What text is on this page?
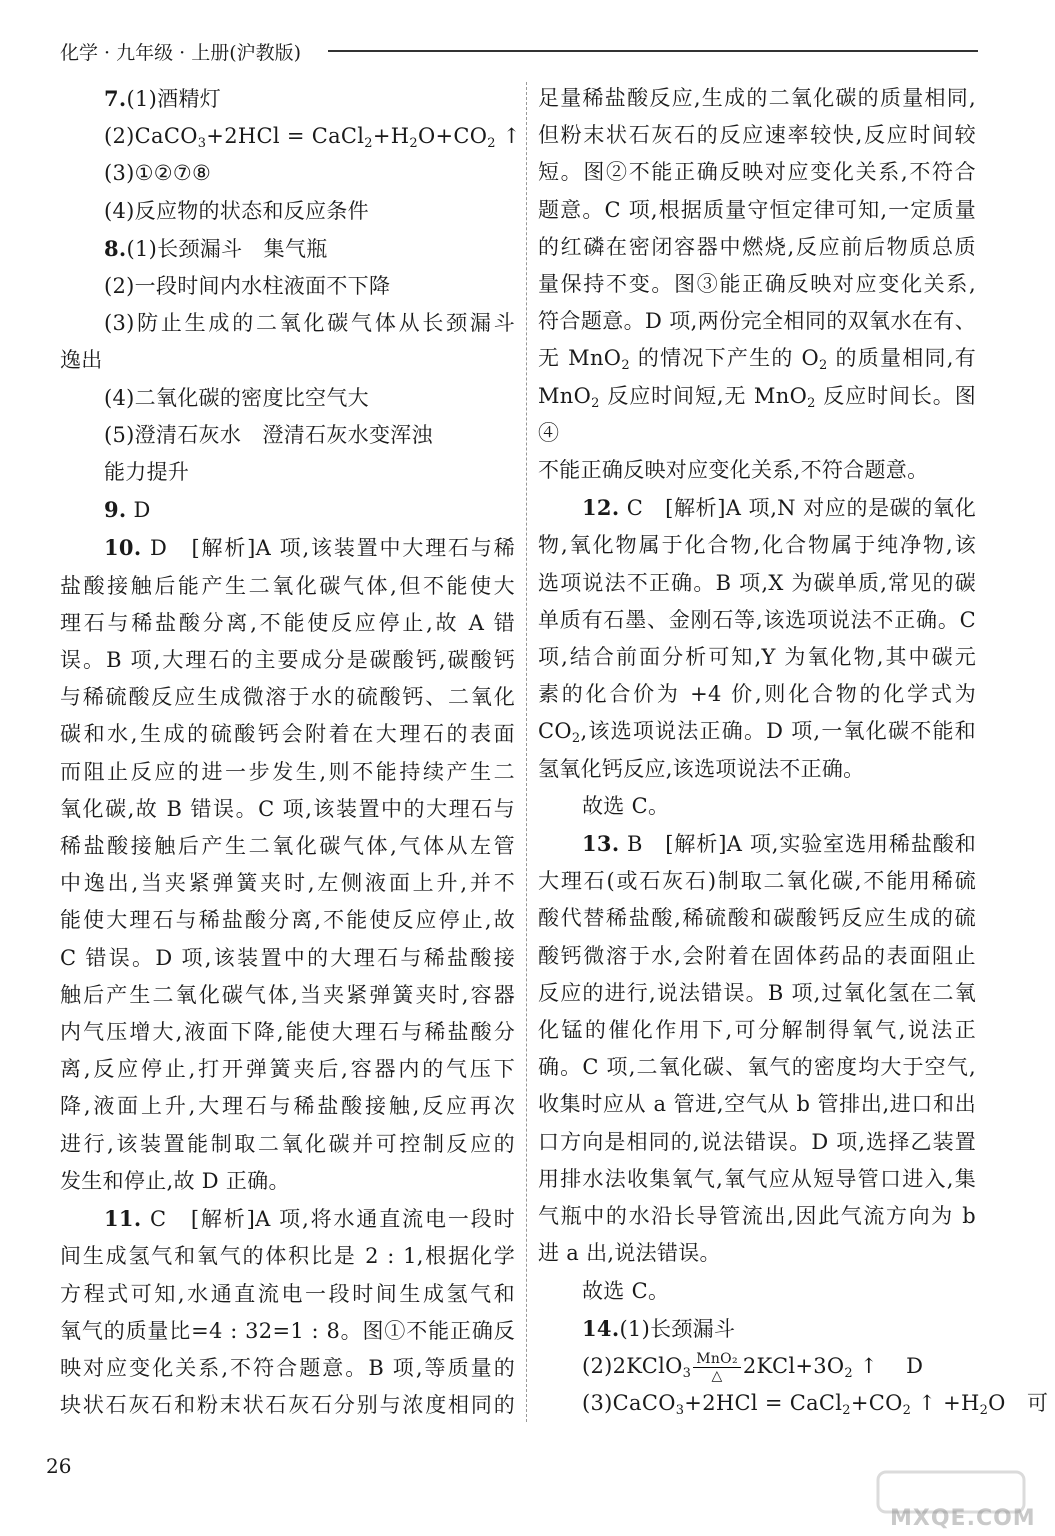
化学 · 九年级 · 上册(沪教版)
7.(1)酒精灯
(2)CaCO$_3$+2HCl = $CaCl_2+H_2O+CO_2$ ↑
(3)①②⑦⑧
(4)反应物的状态和反应条件
8.(1)长颈漏斗　集气瓶
(2)一段时间内水柱液面不下降
(3)防止生成的二氧化碳气体从长颈漏斗
逸出
(4)二氧化碳的密度比空气大
(5)澄清石灰水　澄清石灰水变浑浊
能力提升
9. D
10. D　[解析]A 项,该装置中大理石与稀
盐酸接触后能产生二氧化碳气体,但不能使大
理石与稀盐酸分离,不能使反应停止,故 A 错
误。B 项,大理石的主要成分是碳酸钙,碳酸钙
与稀硫酸反应生成微溶于水的硫酸钙、二氧化
碳和水,生成的硫酸钙会附着在大理石的表面
而阻止反应的进一步发生,则不能持续产生二
氧化碳,故 B 错误。C 项,该装置中的大理石与
稀盐酸接触后产生二氧化碳气体,气体从左管
中逸出,当夹紧弹簧夹时,左侧液面上升,并不
能使大理石与稀盐酸分离,不能使反应停止,故
C 错误。D 项,该装置中的大理石与稀盐酸接
触后产生二氧化碳气体,当夹紧弹簧夹时,容器
内气压增大,液面下降,能使大理石与稀盐酸分
离,反应停止,打开弹簧夹后,容器内的气压下
降,液面上升,大理石与稀盐酸接触,反应再次
进行,该装置能制取二氧化碳并可控制反应的
发生和停止,故 D 正确。
11. C　[解析]A 项,将水通直流电一段时
间生成氢气和氧气的体积比是 2 : 1,根据化学
方程式可知,水通直流电一段时间生成氢气和
氧气的质量比=4 : 32=1 : 8。图①不能正确反
映对应变化关系,不符合题意。B 项,等质量的
块状石灰石和粉末状石灰石分别与浓度相同的
足量稀盐酸反应,生成的二氧化碳的质量相同,
但粉末状石灰石的反应速率较快,反应时间较
短。图②不能正确反映对应变化关系,不符合
题意。C 项,根据质量守恒定律可知,一定质量
的红磷在密闭容器中燃烧,反应前后物质总质
量保持不变。图③能正确反映对应变化关系,
符合题意。D 项,两份完全相同的双氧水在有、
无 MnO$_2$ 的情况下产生的 $O_2$ 的质量相同,有
MnO$_2$ 反应时间短,无 MnO$_2$ 反应时间长。图④
不能正确反映对应变化关系,不符合题意。
12. C　[解析]A 项,N 对应的是碳的氧化
物,氧化物属于化合物,化合物属于纯净物,该
选项说法不正确。B 项,X 为碳单质,常见的碳
单质有石墨、金刚石等,该选项说法不正确。C
项,结合前面分析可知,Y 为氧化物,其中碳元
素的化合价为 +4 价,则化合物的化学式为
$CO_2$,该选项说法正确。D 项,一氧化碳不能和
氢氧化钙反应,该选项说法不正确。
故选 C。
13. B　[解析]A 项,实验室选用稀盐酸和
大理石(或石灰石)制取二氧化碳,不能用稀硫
酸代替稀盐酸,稀硫酸和碳酸钙反应生成的硫
酸钙微溶于水,会附着在固体药品的表面阻止
反应的进行,说法错误。B 项,过氧化氢在二氧
化锰的催化作用下,可分解制得氧气,说法正
确。C 项,二氧化碳、氧气的密度均大于空气,
收集时应从 a 管进,空气从 b 管排出,进口和出
口方向是相同的,说法错误。D 项,选择乙装置
用排水法收集氧气,氧气应从短导管口进入,集
气瓶中的水沿长导管流出,因此气流方向为 b
进 a 出,说法错误。
故选 C。
14.(1)长颈漏斗
(2)2KClO$_3$ $\frac{\text{MnO₂}}{\triangle} 2KCl+3O_2$ ↑　 D
(3)CaCO$_3$+2HCl = $CaCl_2+CO_2$ ↑ $+H_2O$　可
26
MXQE.COM
